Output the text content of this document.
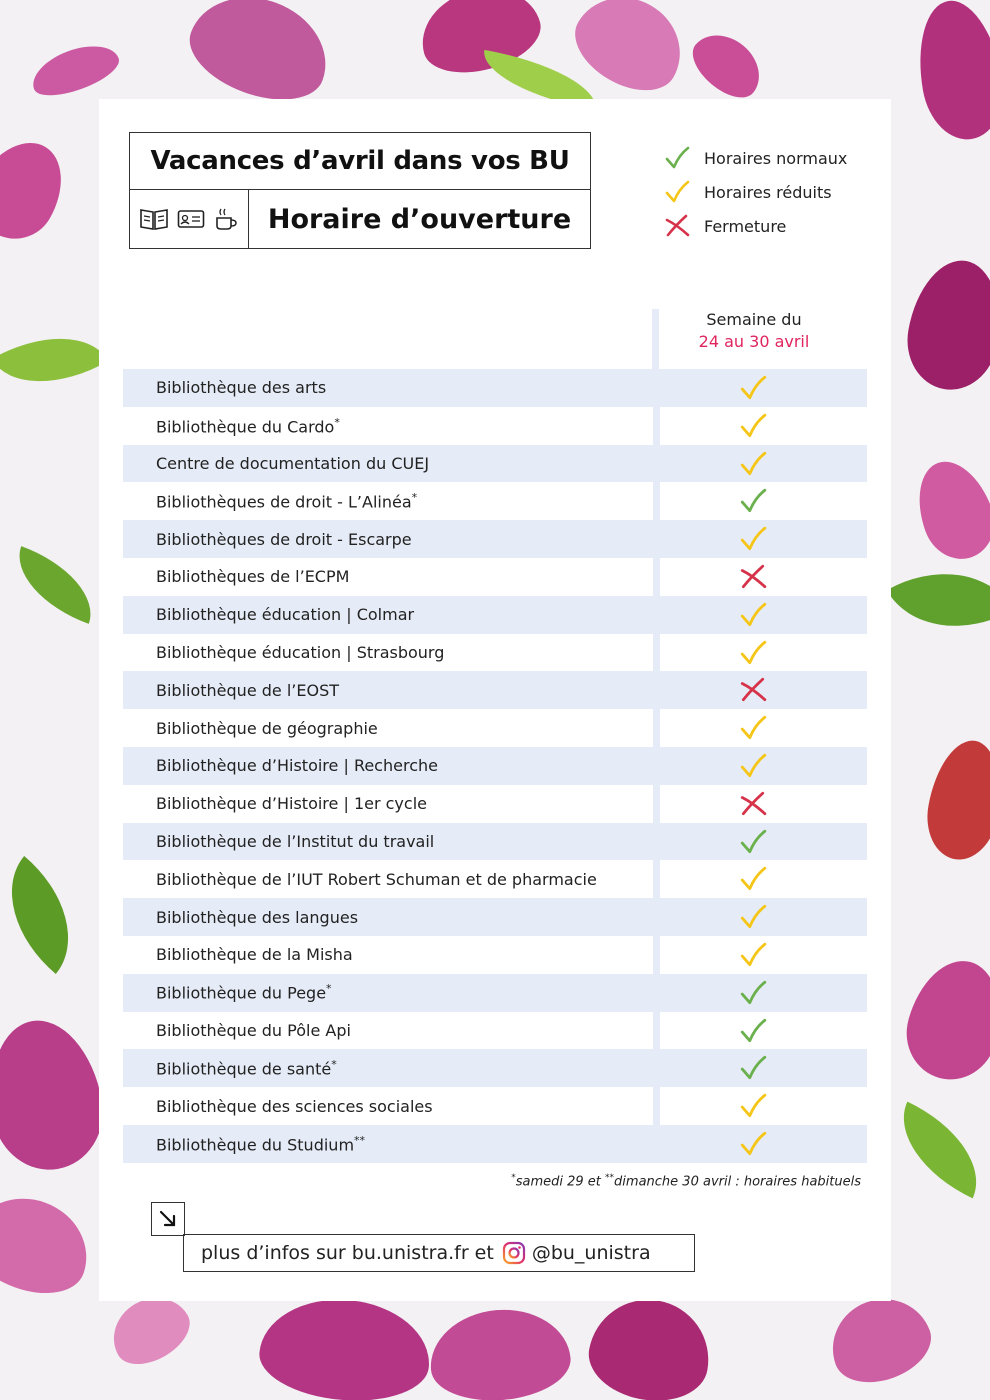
Vacances d’avril dans vos BU
Horaire d’ouverture
Horaires normaux
Horaires réduits
Fermeture
Semaine du
24 au 30 avril
Bibliothèque des arts
Bibliothèque du Cardo*
Centre de documentation du CUEJ
Bibliothèques de droit - L’Alinéa*
Bibliothèques de droit - Escarpe
Bibliothèques de l’ECPM
Bibliothèque éducation | Colmar
Bibliothèque éducation | Strasbourg
Bibliothèque de l’EOST
Bibliothèque de géographie
Bibliothèque d’Histoire | Recherche
Bibliothèque d’Histoire | 1er cycle
Bibliothèque de l’Institut du travail
Bibliothèque de l’IUT Robert Schuman et de pharmacie
Bibliothèque des langues
Bibliothèque de la Misha
Bibliothèque du Pege*
Bibliothèque du Pôle Api
Bibliothèque de santé*
Bibliothèque des sciences sociales
Bibliothèque du Studium**
*samedi 29 et **dimanche 30 avril : horaires habituels
plus d’infos sur bu.unistra.fr et @bu_unistra
